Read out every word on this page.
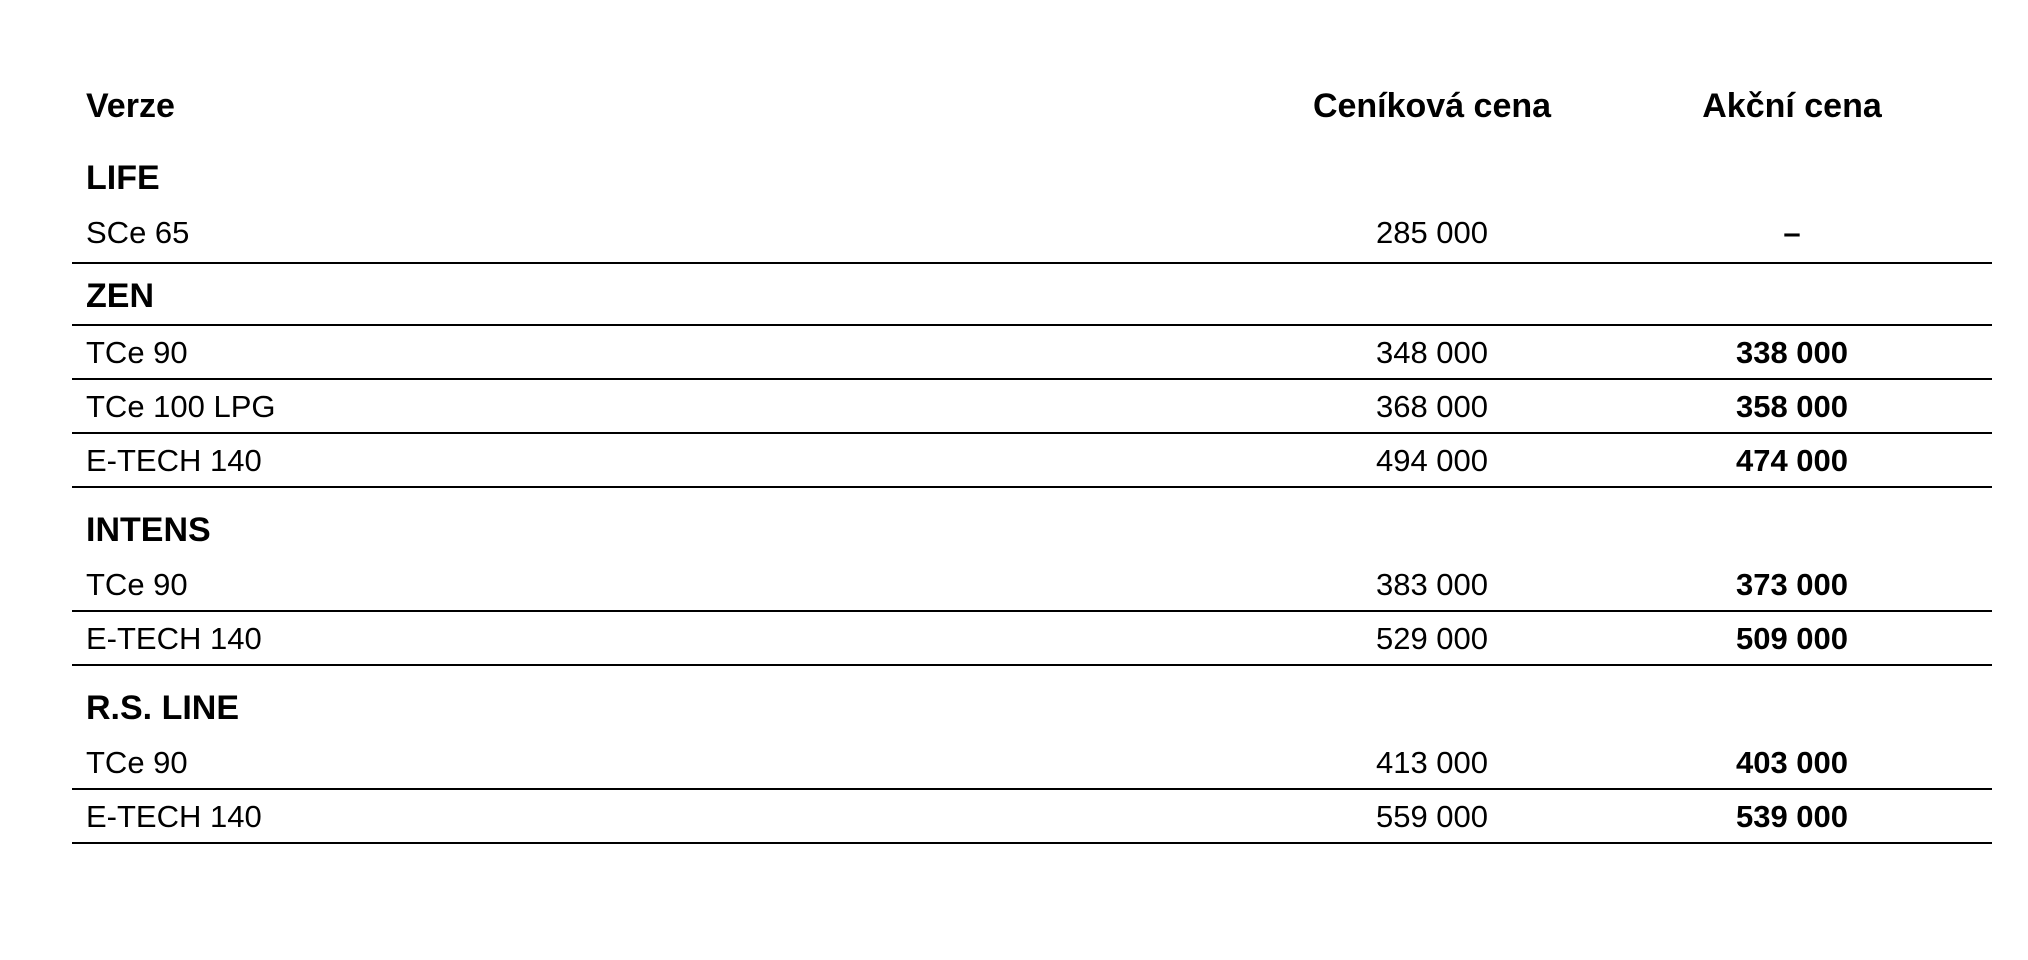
Verze	Ceníková cena	Akční cena
LIFE
SCe 65	285 000	–
ZEN
TCe 90	348 000	338 000
TCe 100 LPG	368 000	358 000
E-TECH 140	494 000	474 000
INTENS
TCe 90	383 000	373 000
E-TECH 140	529 000	509 000
R.S. LINE
TCe 90	413 000	403 000
E-TECH 140	559 000	539 000
